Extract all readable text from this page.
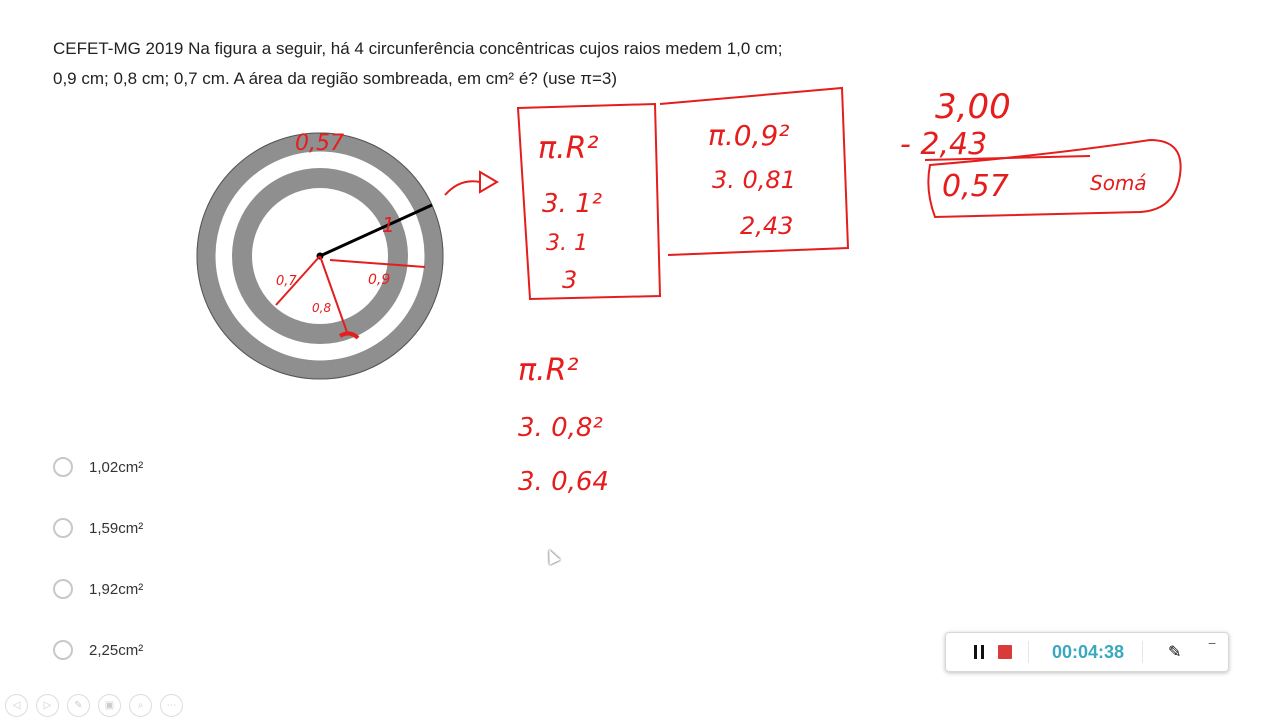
CEFET-MG 2019 Na figura a seguir, há 4 circunferência concêntricas cujos raios medem 1,0 cm;
0,9 cm; 0,8 cm; 0,7 cm. A área da região sombreada, em cm² é? (use π=3)
0,57
1
0,7
0,8
0,9
π.R²
3. 1²
3. 1
3
π.0,9²
3. 0,81
2,43
3,00
- 2,43
0,57	Somá
π.R²
3. 0,8²
3. 0,64
1,02cm²
1,59cm²
1,92cm²
2,25cm²	00:04:38	✎
−
◁	▷	✎	▣	⌕	⋯
